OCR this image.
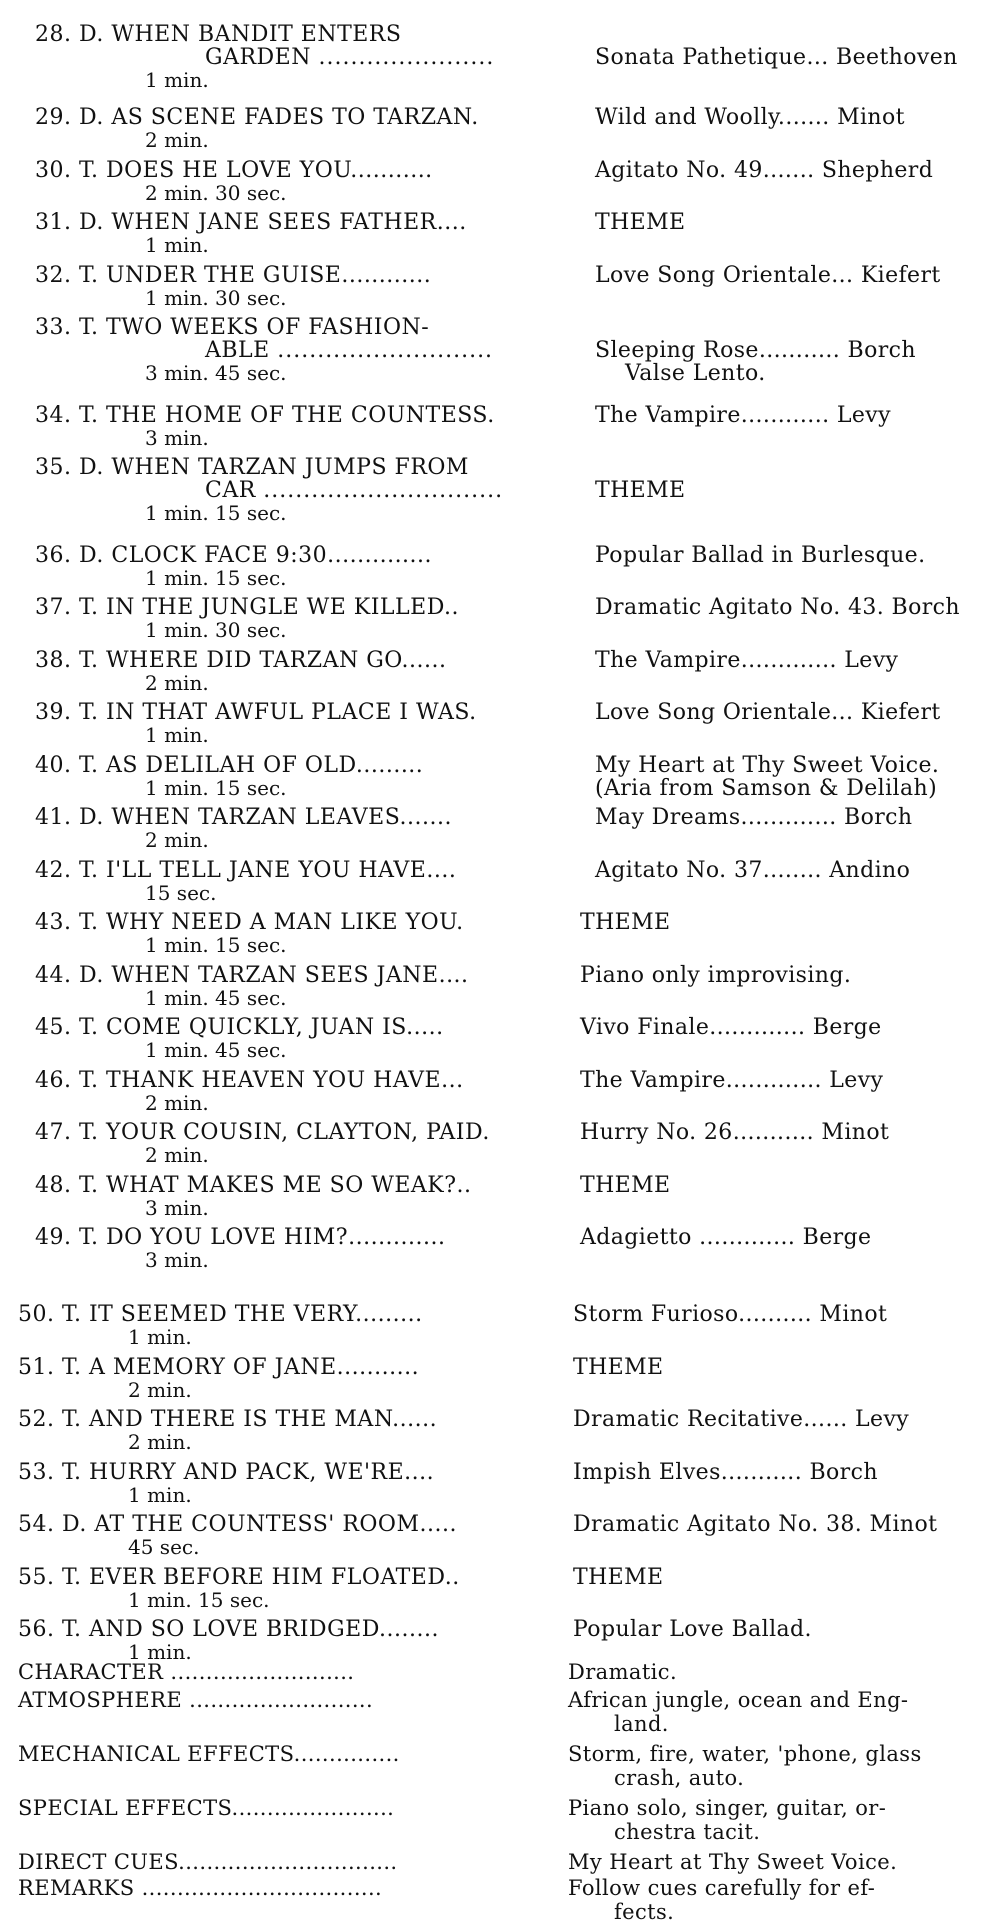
28. D. WHEN BANDIT ENTERS
GARDEN ......................
1 min.
Sonata Pathetique... Beethoven
29. D. AS SCENE FADES TO TARZAN.
2 min.
Wild and Woolly....... Minot
30. T. DOES HE LOVE YOU...........
2 min. 30 sec.
Agitato No. 49....... Shepherd
31. D. WHEN JANE SEES FATHER....
1 min.
THEME
32. T. UNDER THE GUISE............
1 min. 30 sec.
Love Song Orientale... Kiefert
33. T. TWO WEEKS OF FASHION-
ABLE ...........................
3 min. 45 sec.
Sleeping Rose........... Borch
Valse Lento.
34. T. THE HOME OF THE COUNTESS.
3 min.
The Vampire............ Levy
35. D. WHEN TARZAN JUMPS FROM
CAR ..............................
1 min. 15 sec.
THEME
36. D. CLOCK FACE 9:30..............
1 min. 15 sec.
Popular Ballad in Burlesque.
37. T. IN THE JUNGLE WE KILLED..
1 min. 30 sec.
Dramatic Agitato No. 43. Borch
38. T. WHERE DID TARZAN GO......
2 min.
The Vampire............. Levy
39. T. IN THAT AWFUL PLACE I WAS.
1 min.
Love Song Orientale... Kiefert
40. T. AS DELILAH OF OLD.........
1 min. 15 sec.
My Heart at Thy Sweet Voice.
(Aria from Samson & Delilah)
41. D. WHEN TARZAN LEAVES.......
2 min.
May Dreams............. Borch
42. T. I'LL TELL JANE YOU HAVE....
15 sec.
Agitato No. 37........ Andino
43. T. WHY NEED A MAN LIKE YOU.
1 min. 15 sec.
THEME
44. D. WHEN TARZAN SEES JANE....
1 min. 45 sec.
Piano only improvising.
45. T. COME QUICKLY, JUAN IS.....
1 min. 45 sec.
Vivo Finale............. Berge
46. T. THANK HEAVEN YOU HAVE...
2 min.
The Vampire............. Levy
47. T. YOUR COUSIN, CLAYTON, PAID.
2 min.
Hurry No. 26........... Minot
48. T. WHAT MAKES ME SO WEAK?..
3 min.
THEME
49. T. DO YOU LOVE HIM?.............
3 min.
Adagietto ............. Berge
50. T. IT SEEMED THE VERY.........
1 min.
Storm Furioso.......... Minot
51. T. A MEMORY OF JANE...........
2 min.
THEME
52. T. AND THERE IS THE MAN......
2 min.
Dramatic Recitative...... Levy
53. T. HURRY AND PACK, WE'RE....
1 min.
Impish Elves........... Borch
54. D. AT THE COUNTESS' ROOM.....
45 sec.
Dramatic Agitato No. 38. Minot
55. T. EVER BEFORE HIM FLOATED..
1 min. 15 sec.
THEME
56. T. AND SO LOVE BRIDGED........
1 min.
Popular Love Ballad.
CHARACTER ..........................	Dramatic.
ATMOSPHERE ..........................	African jungle, ocean and Eng-
land.
MECHANICAL EFFECTS...............	Storm, fire, water, 'phone, glass
crash, auto.
SPECIAL EFFECTS.......................	Piano solo, singer, guitar, or-
chestra tacit.
DIRECT CUES...............................	My Heart at Thy Sweet Voice.
REMARKS ..................................	Follow cues carefully for ef-
fects.
